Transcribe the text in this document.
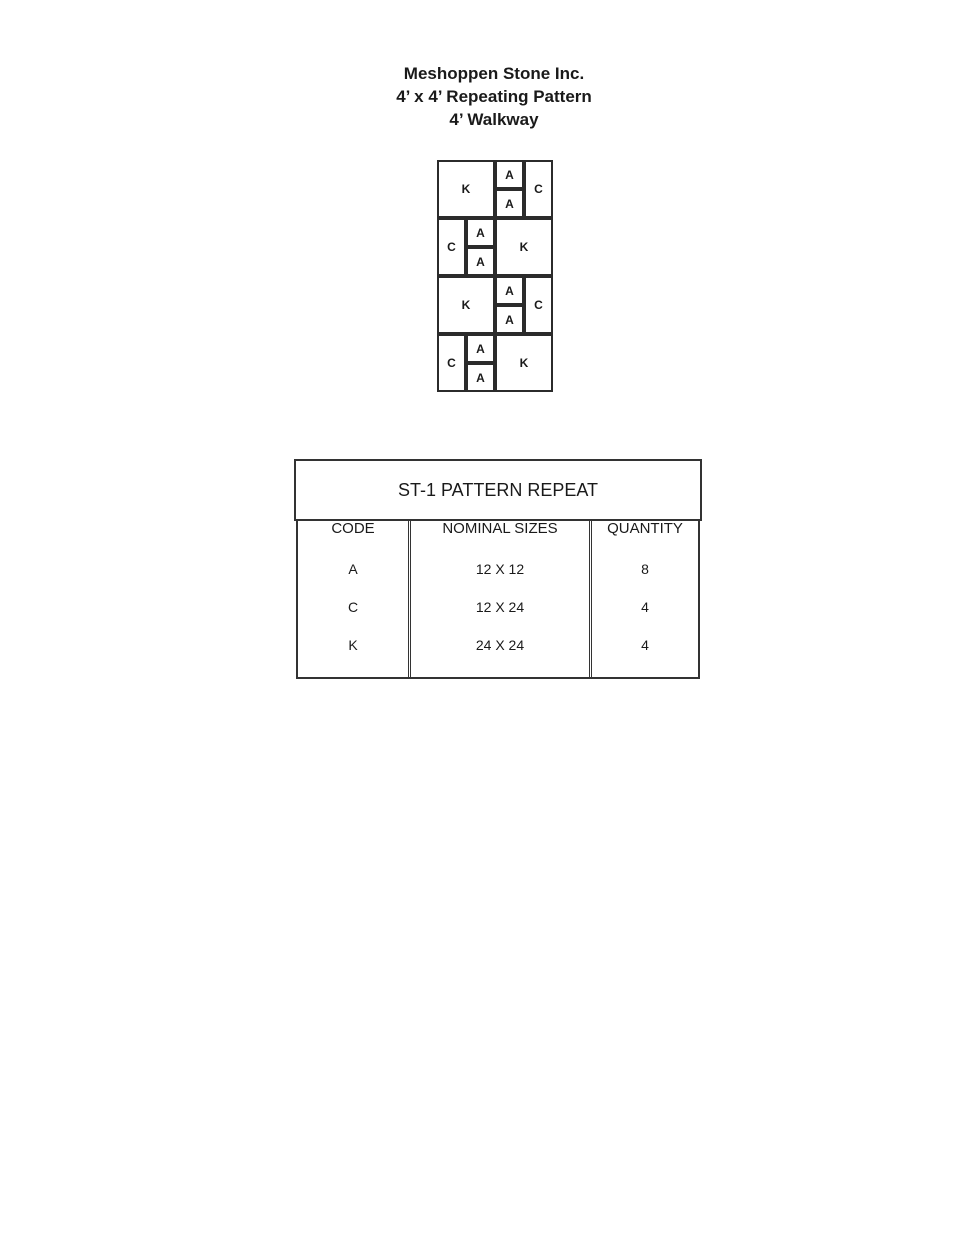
Meshoppen Stone Inc.
4’ x 4’ Repeating Pattern
4’ Walkway
K
A
A
C
C
A
A
K
K
A
A
C
C
A
A
K
ST-1 PATTERN REPEAT
CODE
A
C
K
NOMINAL SIZES
12 X 12
12 X 24
24 X 24
QUANTITY
8
4
4
